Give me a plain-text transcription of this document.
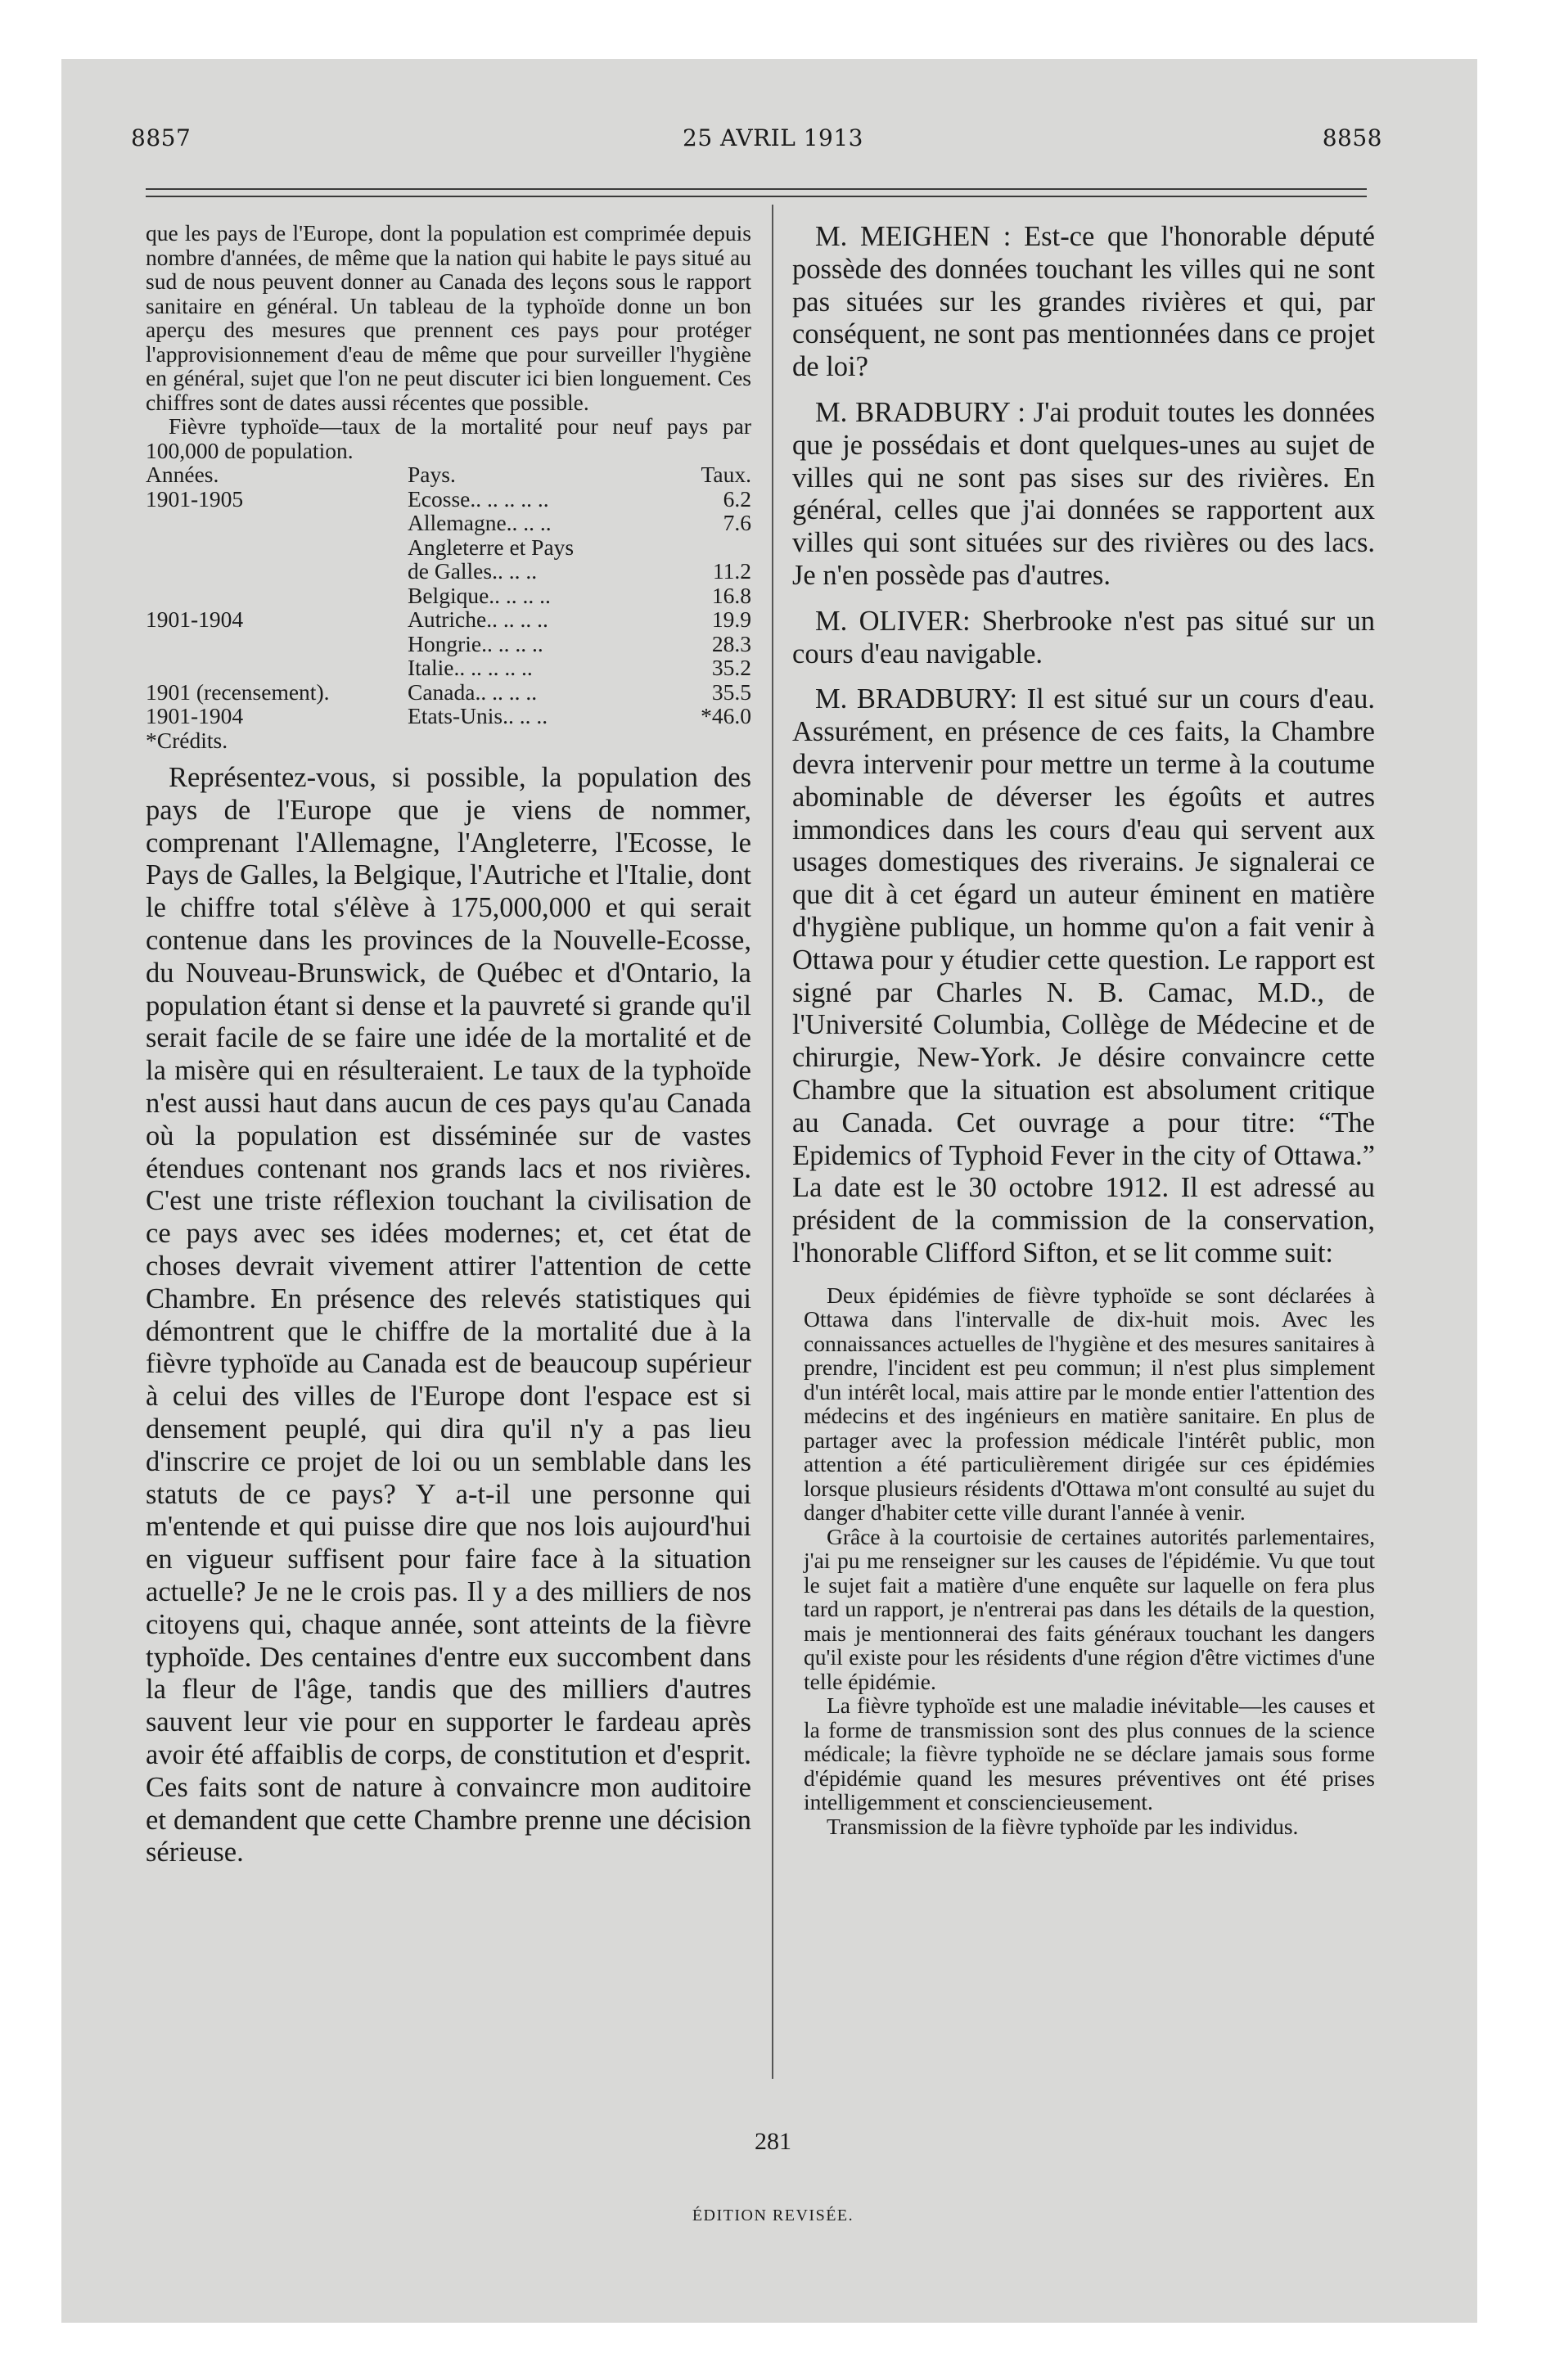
8857	25 AVRIL 1913	8858

que les pays de l'Europe, dont la population est comprimée depuis nombre d'années, de même que la nation qui habite le pays situé au sud de nous peuvent donner au Canada des leçons sous le rapport sanitaire en général. Un tableau de la typhoïde donne un bon aperçu des mesures que prennent ces pays pour protéger l'approvisionnement d'eau de même que pour surveiller l'hygiène en général, sujet que l'on ne peut discuter ici bien longuement. Ces chiffres sont de dates aussi récentes que possible.

Fièvre typhoïde—taux de la mortalité pour neuf pays par 100,000 de population.

Années.	Pays.	Taux.
1901-1905	Ecosse.. .. .. .. ..	6.2
Allemagne.. .. ..	7.6
Angleterre et Pays
de Galles.. .. ..	11.2
Belgique.. .. .. ..	16.8
1901-1904	Autriche.. .. .. ..	19.9
Hongrie.. .. .. ..	28.3
Italie.. .. .. .. ..	35.2
1901 (recensement).	Canada.. .. .. ..	35.5
1901-1904	Etats-Unis.. .. ..	*46.0
*Crédits.

Représentez-vous, si possible, la population des pays de l'Europe que je viens de nommer, comprenant l'Allemagne, l'Angleterre, l'Ecosse, le Pays de Galles, la Belgique, l'Autriche et l'Italie, dont le chiffre total s'élève à 175,000,000 et qui serait contenue dans les provinces de la Nouvelle-Ecosse, du Nouveau-Brunswick, de Québec et d'Ontario, la population étant si dense et la pauvreté si grande qu'il serait facile de se faire une idée de la mortalité et de la misère qui en résulteraient. Le taux de la typhoïde n'est aussi haut dans aucun de ces pays qu'au Canada où la population est disséminée sur de vastes étendues contenant nos grands lacs et nos rivières. C'est une triste réflexion touchant la civilisation de ce pays avec ses idées modernes; et, cet état de choses devrait vivement attirer l'attention de cette Chambre. En présence des relevés statistiques qui démontrent que le chiffre de la mortalité due à la fièvre typhoïde au Canada est de beaucoup supérieur à celui des villes de l'Europe dont l'espace est si densement peuplé, qui dira qu'il n'y a pas lieu d'inscrire ce projet de loi ou un semblable dans les statuts de ce pays? Y a-t-il une personne qui m'entende et qui puisse dire que nos lois aujourd'hui en vigueur suffisent pour faire face à la situation actuelle? Je ne le crois pas. Il y a des milliers de nos citoyens qui, chaque année, sont atteints de la fièvre typhoïde. Des centaines d'entre eux succombent dans la fleur de l'âge, tandis que des milliers d'autres sauvent leur vie pour en supporter le fardeau après avoir été affaiblis de corps, de constitution et d'esprit. Ces faits sont de nature à convaincre mon auditoire et demandent que cette Chambre prenne une décision sérieuse.

M. MEIGHEN : Est-ce que l'honorable député possède des données touchant les villes qui ne sont pas situées sur les grandes rivières et qui, par conséquent, ne sont pas mentionnées dans ce projet de loi?

M. BRADBURY : J'ai produit toutes les données que je possédais et dont quelques-unes au sujet de villes qui ne sont pas sises sur des rivières. En général, celles que j'ai données se rapportent aux villes qui sont situées sur des rivières ou des lacs. Je n'en possède pas d'autres.

M. OLIVER: Sherbrooke n'est pas situé sur un cours d'eau navigable.

M. BRADBURY: Il est situé sur un cours d'eau. Assurément, en présence de ces faits, la Chambre devra intervenir pour mettre un terme à la coutume abominable de déverser les égoûts et autres immondices dans les cours d'eau qui servent aux usages domestiques des riverains. Je signalerai ce que dit à cet égard un auteur éminent en matière d'hygiène publique, un homme qu'on a fait venir à Ottawa pour y étudier cette question. Le rapport est signé par Charles N. B. Camac, M.D., de l'Université Columbia, Collège de Médecine et de chirurgie, New-York. Je désire convaincre cette Chambre que la situation est absolument critique au Canada. Cet ouvrage a pour titre: “The Epidemics of Typhoid Fever in the city of Ottawa.” La date est le 30 octobre 1912. Il est adressé au président de la commission de la conservation, l'honorable Clifford Sifton, et se lit comme suit:

Deux épidémies de fièvre typhoïde se sont déclarées à Ottawa dans l'intervalle de dix-huit mois. Avec les connaissances actuelles de l'hygiène et des mesures sanitaires à prendre, l'incident est peu commun; il n'est plus simplement d'un intérêt local, mais attire par le monde entier l'attention des médecins et des ingénieurs en matière sanitaire. En plus de partager avec la profession médicale l'intérêt public, mon attention a été particulièrement dirigée sur ces épidémies lorsque plusieurs résidents d'Ottawa m'ont consulté au sujet du danger d'habiter cette ville durant l'année à venir.

Grâce à la courtoisie de certaines autorités parlementaires, j'ai pu me renseigner sur les causes de l'épidémie. Vu que tout le sujet fait a matière d'une enquête sur laquelle on fera plus tard un rapport, je n'entrerai pas dans les détails de la question, mais je mentionnerai des faits généraux touchant les dangers qu'il existe pour les résidents d'une région d'être victimes d'une telle épidémie.

La fièvre typhoïde est une maladie inévitable—les causes et la forme de transmission sont des plus connues de la science médicale; la fièvre typhoïde ne se déclare jamais sous forme d'épidémie quand les mesures préventives ont été prises intelligemment et consciencieusement.

Transmission de la fièvre typhoïde par les individus.

281
ÉDITION REVISÉE.
